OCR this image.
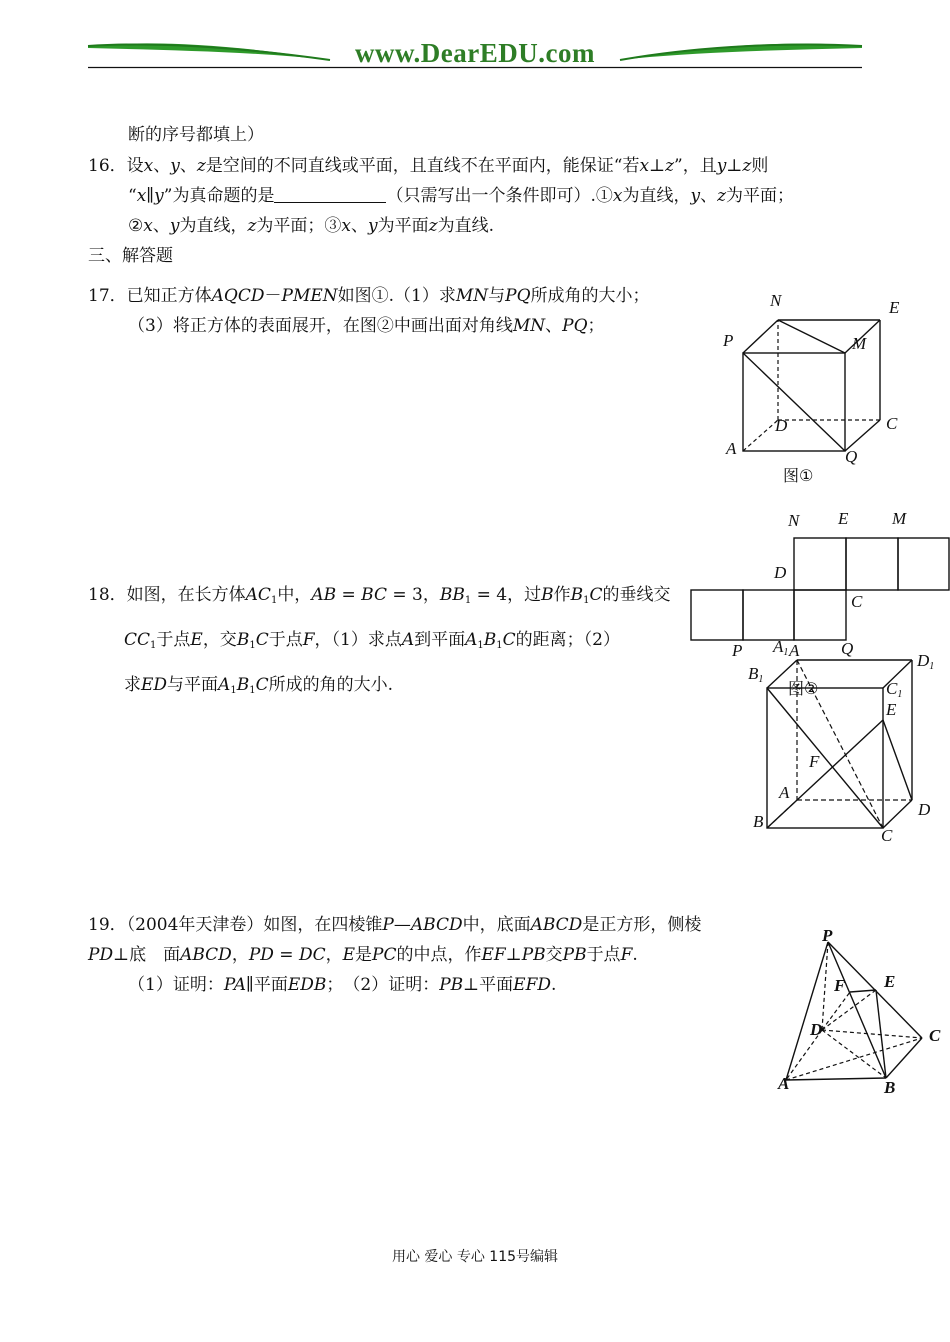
www.DearEDU.com
断的序号都填上）
16．设x、y、z是空间的不同直线或平面，且直线不在平面内，能保证“若x⊥z”，且y⊥z则
“x∥y”为真命题的是	（只需写出一个条件即可）.①x为直线，y、z为平面；
②x、y为直线，z为平面；③x、y为平面z为直线.
三、解答题
17．已知正方体AQCD－PMEN如图①.（1）求MN与PQ所成角的大小；
（3）将正方体的表面展开，在图②中画出面对角线MN、PQ；
N	E
P	M
D	C
A	Q
图①
N E	M
D
C
P	A Q
图②
18．如图，在长方体$AC_1$中，AB = BC = 3，$BB_1 = 4$，过B作$B_1C$的垂线交
$CC_1$于点E，交$B_1C$于点F，（1）求点A到平面$A_1B_1C$的距离；（2）
求ED与平面$A_1B_1C$所成的角的大小.
$A_1$	$D_1$
$B_1$	$C_1$
E
F
A
D
B
C
19．（2004年天津卷）如图，在四棱锥P—ABCD中，底面ABCD是正方形，侧棱
PD⊥底　面ABCD，PD = DC，E是PC的中点，作EF⊥PB交PB于点F.
（1）证明：PA∥平面EDB；　（2）证明：PB⊥平面EFD.
P
F E
D	C
A	B
用心 爱心 专心 115号编辑
